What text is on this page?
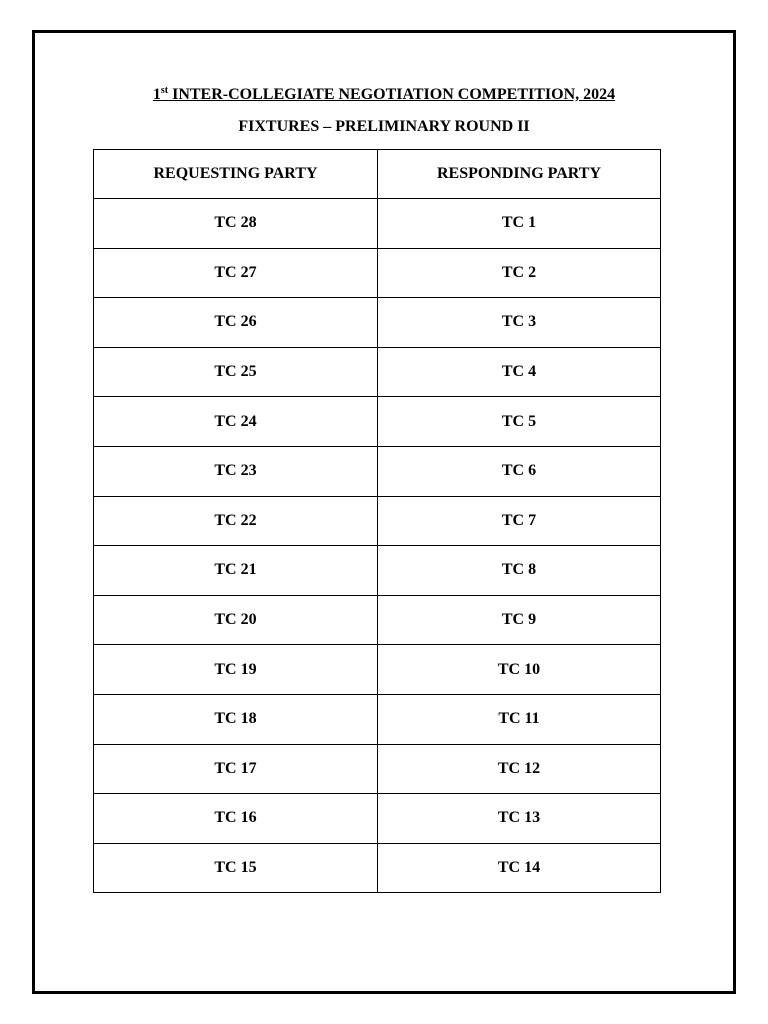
1st INTER-COLLEGIATE NEGOTIATION COMPETITION, 2024
FIXTURES – PRELIMINARY ROUND II
REQUESTING PARTY	RESPONDING PARTY
TC 28	TC 1
TC 27	TC 2
TC 26	TC 3
TC 25	TC 4
TC 24	TC 5
TC 23	TC 6
TC 22	TC 7
TC 21	TC 8
TC 20	TC 9
TC 19	TC 10
TC 18	TC 11
TC 17	TC 12
TC 16	TC 13
TC 15	TC 14
